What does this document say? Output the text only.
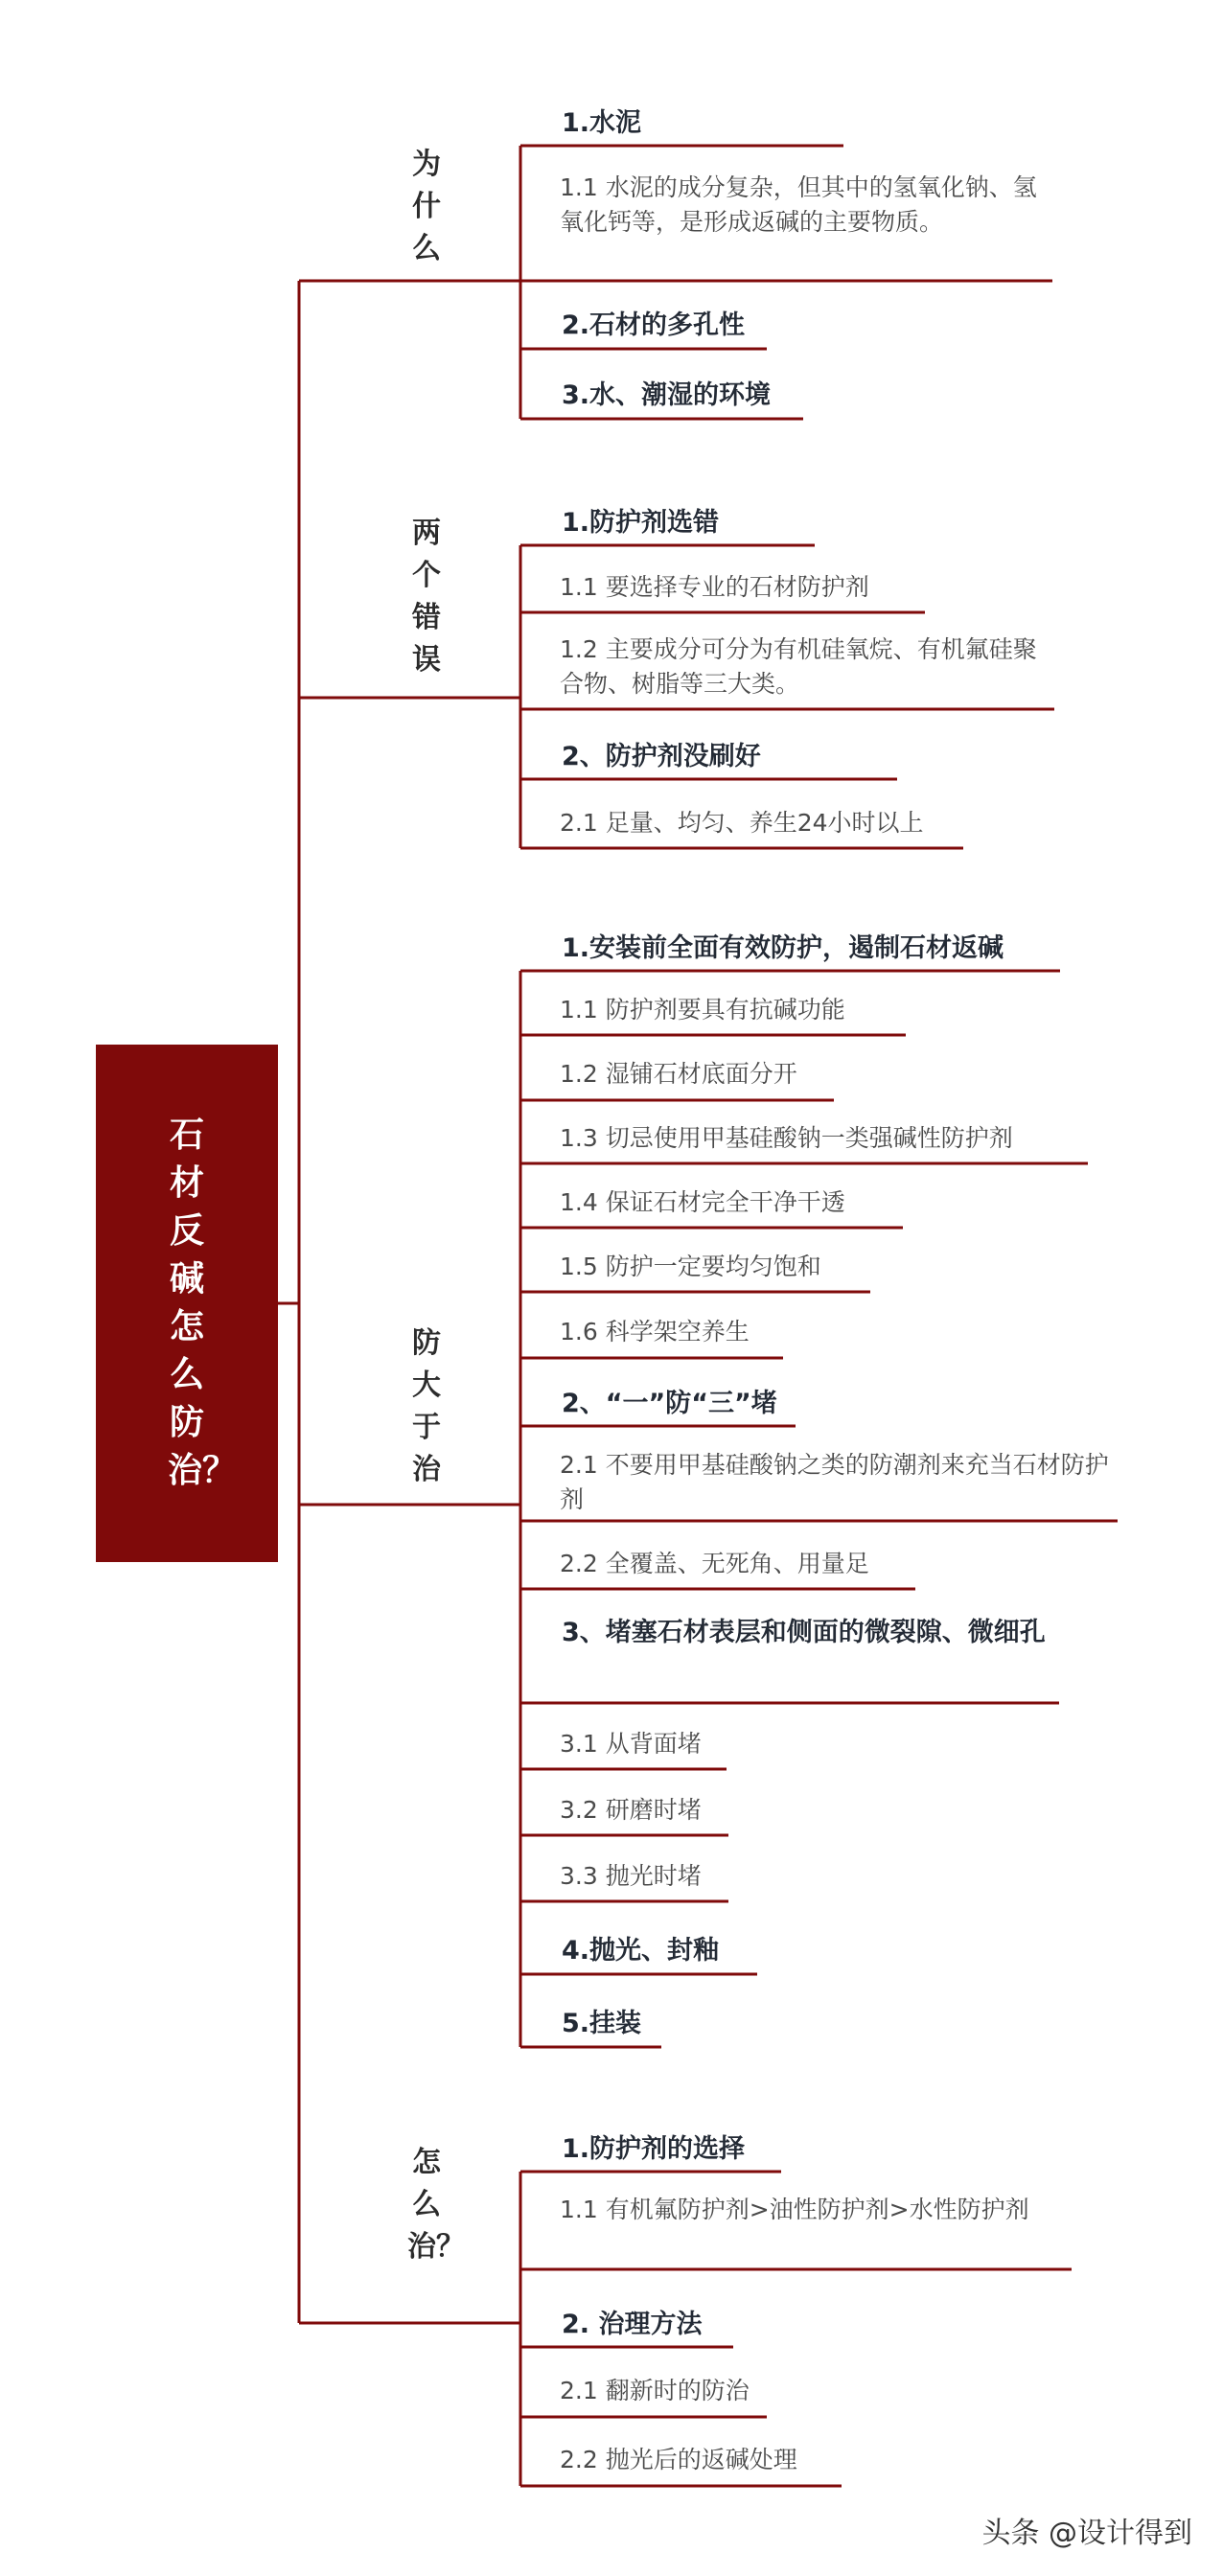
石材反碱怎么防治？
为什么
两个错误
防大于治
怎么治？
1.水泥
1.1 水泥的成分复杂，但其中的氢氧化钠、氢氧化钙等，是形成返碱的主要物质。
2.石材的多孔性
3.水、潮湿的环境
1.防护剂选错
1.1 要选择专业的石材防护剂
1.2 主要成分可分为有机硅氧烷、有机氟硅聚合物、树脂等三大类。
2、防护剂没刷好
2.1 足量、均匀、养生24小时以上
1.安装前全面有效防护，遏制石材返碱
1.1 防护剂要具有抗碱功能
1.2 湿铺石材底面分开
1.3 切忌使用甲基硅酸钠一类强碱性防护剂
1.4 保证石材完全干净干透
1.5 防护一定要均匀饱和
1.6 科学架空养生
2、“一”防“三”堵
2.1 不要用甲基硅酸钠之类的防潮剂来充当石材防护剂
2.2 全覆盖、无死角、用量足
3、堵塞石材表层和侧面的微裂隙、微细孔
3.1 从背面堵
3.2 研磨时堵
3.3 抛光时堵
4.抛光、封釉
5.挂装
1.防护剂的选择
1.1 有机氟防护剂>油性防护剂>水性防护剂
2. 治理方法
2.1 翻新时的防治
2.2 抛光后的返碱处理
头条 @设计得到
